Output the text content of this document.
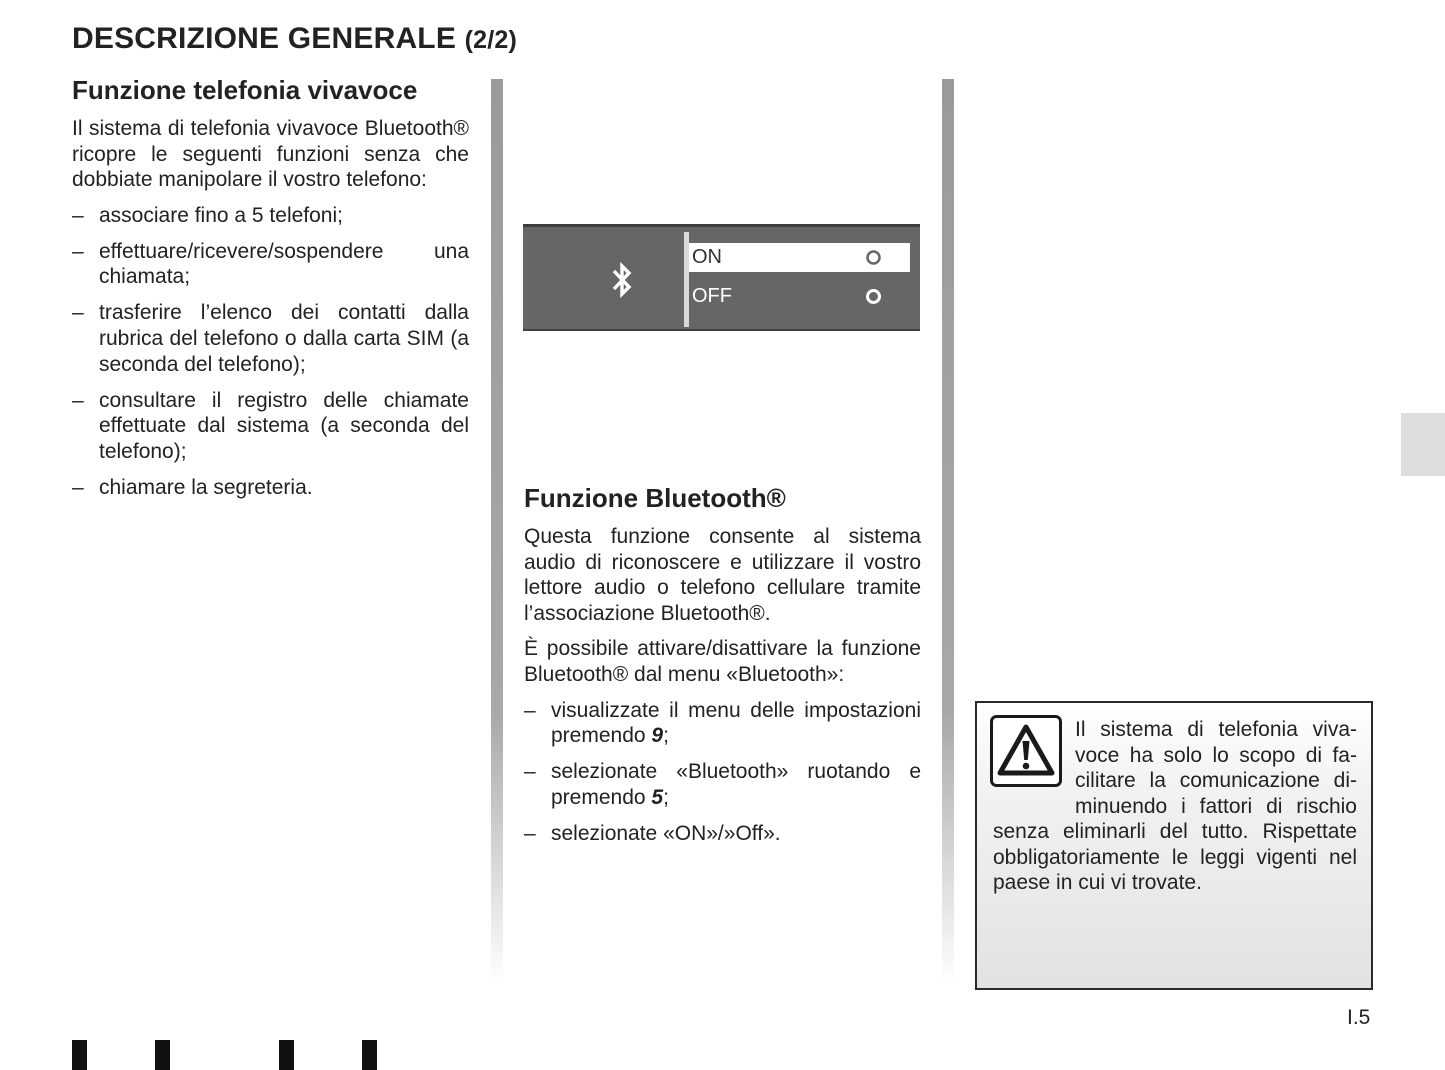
DESCRIZIONE GENERALE (2/2)
Funzione telefonia vivavoce

Il sistema di telefonia vivavoce Bluetooth® ricopre le seguenti funzioni senza che dobbiate manipolare il vostro telefono:

– associare fino a 5 telefoni;
– effettuare/ricevere/sospendere una chiamata;
– trasferire l’elenco dei contatti dalla rubrica del telefono o dalla carta SIM (a seconda del telefono);
– consultare il registro delle chiamate effettuate dal sistema (a seconda del telefono);
– chiamare la segreteria.
ON
OFF
Funzione Bluetooth®

Questa funzione consente al sistema audio di riconoscere e utilizzare il vostro lettore audio o telefono cellulare tramite l’associazione Bluetooth®.

È possibile attivare/disattivare la funzione Bluetooth® dal menu «Bluetooth»:

– visualizzate il menu delle impostazioni premendo 9;
– selezionate «Bluetooth» ruotando e premendo 5;
– selezionate «ON»/»Off».

Il sistema di telefonia vivavoce ha solo lo scopo di facilitare la comunicazione diminuendo i fattori di rischio senza eliminarli del tutto. Rispettate obbligatoriamente le leggi vigenti nel paese in cui vi trovate.

I.5
